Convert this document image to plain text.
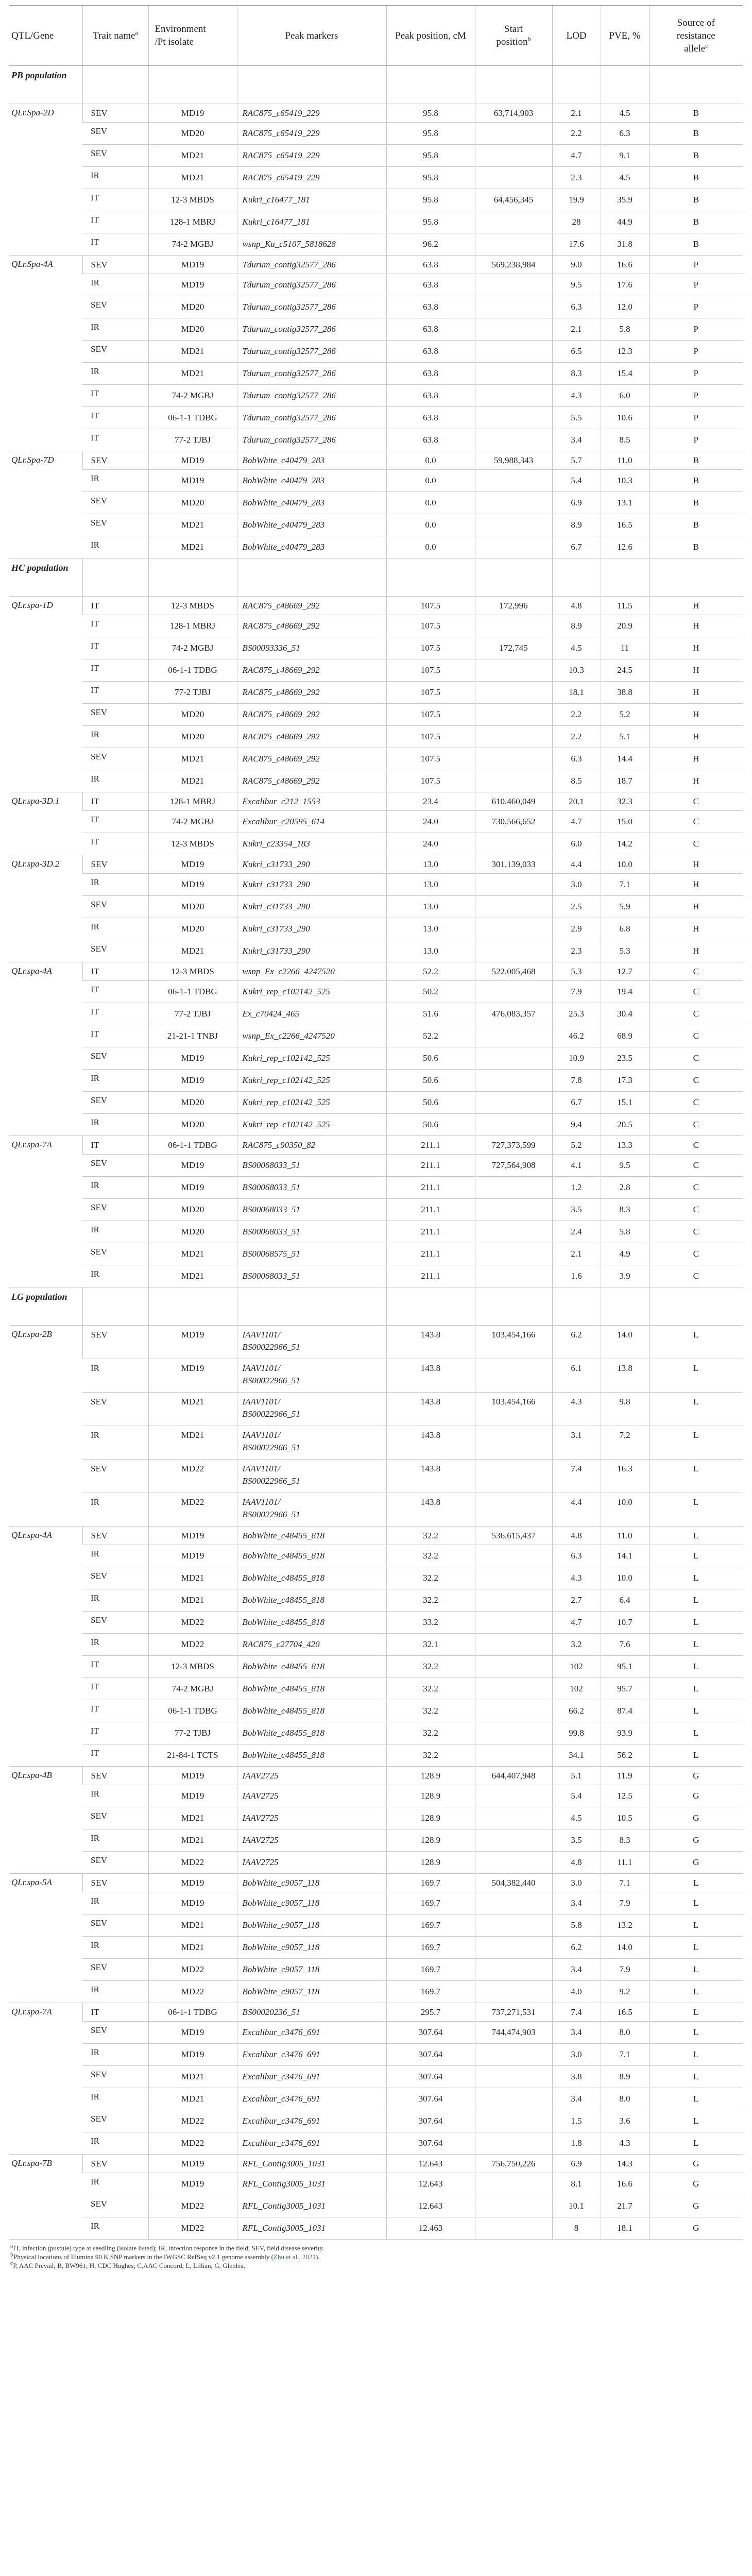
QTL/Gene	Trait name$^a$	Environment
/Pt isolate	Peak markers	Peak position, cM	Start
position$^b$	LOD	PVE, %	Source of
resistance
allele$^c$
PB population								
QLr.Spa-2D	SEV	MD19	RAC875_c65419_229	95.8	63,714,903	2.1	4.5	B
	SEV	MD20	RAC875_c65419_229	95.8		2.2	6.3	B
	SEV	MD21	RAC875_c65419_229	95.8		4.7	9.1	B
	IR	MD21	RAC875_c65419_229	95.8		2.3	4.5	B
	IT	12-3 MBDS	Kukri_c16477_181	95.8	64,456,345	19.9	35.9	B
	IT	128-1 MBRJ	Kukri_c16477_181	95.8		28	44.9	B
	IT	74-2 MGBJ	wsnp_Ku_c5107_5818628	96.2		17.6	31.8	B
QLr.Spa-4A	SEV	MD19	Tdurum_contig32577_286	63.8	569,238,984	9.0	16.6	P
	IR	MD19	Tdurum_contig32577_286	63.8		9.5	17.6	P
	SEV	MD20	Tdurum_contig32577_286	63.8		6.3	12.0	P
	IR	MD20	Tdurum_contig32577_286	63.8		2.1	5.8	P
	SEV	MD21	Tdurum_contig32577_286	63.8		6.5	12.3	P
	IR	MD21	Tdurum_contig32577_286	63.8		8.3	15.4	P
	IT	74-2 MGBJ	Tdurum_contig32577_286	63.8		4.3	6.0	P
	IT	06-1-1 TDBG	Tdurum_contig32577_286	63.8		5.5	10.6	P
	IT	77-2 TJBJ	Tdurum_contig32577_286	63.8		3.4	8.5	P
QLr.Spa-7D	SEV	MD19	BobWhite_c40479_283	0.0	59,988,343	5.7	11.0	B
	IR	MD19	BobWhite_c40479_283	0.0		5.4	10.3	B
	SEV	MD20	BobWhite_c40479_283	0.0		6.9	13.1	B
	SEV	MD21	BobWhite_c40479_283	0.0		8.9	16.5	B
	IR	MD21	BobWhite_c40479_283	0.0		6.7	12.6	B
HC population								
QLr.spa-1D	IT	12-3 MBDS	RAC875_c48669_292	107.5	172,996	4.8	11.5	H
	IT	128-1 MBRJ	RAC875_c48669_292	107.5		8.9	20.9	H
	IT	74-2 MGBJ	BS00093336_51	107.5	172,745	4.5	11	H
	IT	06-1-1 TDBG	RAC875_c48669_292	107.5		10.3	24.5	H
	IT	77-2 TJBJ	RAC875_c48669_292	107.5		18.1	38.8	H
	SEV	MD20	RAC875_c48669_292	107.5		2.2	5.2	H
	IR	MD20	RAC875_c48669_292	107.5		2.2	5.1	H
	SEV	MD21	RAC875_c48669_292	107.5		6.3	14.4	H
	IR	MD21	RAC875_c48669_292	107.5		8.5	18.7	H
QLr.spa-3D.1	IT	128-1 MBRJ	Excalibur_c212_1553	23.4	610,460,049	20.1	32.3	C
	IT	74-2 MGBJ	Excalibur_c20595_614	24.0	730,566,652	4.7	15.0	C
	IT	12-3 MBDS	Kukri_c23354_183	24.0		6.0	14.2	C
QLr.spa-3D.2	SEV	MD19	Kukri_c31733_290	13.0	301,139,033	4.4	10.0	H
	IR	MD19	Kukri_c31733_290	13.0		3.0	7.1	H
	SEV	MD20	Kukri_c31733_290	13.0		2.5	5.9	H
	IR	MD20	Kukri_c31733_290	13.0		2.9	6.8	H
	SEV	MD21	Kukri_c31733_290	13.0		2.3	5.3	H
QLr.spa-4A	IT	12-3 MBDS	wsnp_Ex_c2266_4247520	52.2	522,005,468	5.3	12.7	C
	IT	06-1-1 TDBG	Kukri_rep_c102142_525	50.2		7.9	19.4	C
	IT	77-2 TJBJ	Ex_c70424_465	51.6	476,083,357	25.3	30.4	C
	IT	21-21-1 TNBJ	wsnp_Ex_c2266_4247520	52.2		46.2	68.9	C
	SEV	MD19	Kukri_rep_c102142_525	50.6		10.9	23.5	C
	IR	MD19	Kukri_rep_c102142_525	50.6		7.8	17.3	C
	SEV	MD20	Kukri_rep_c102142_525	50.6		6.7	15.1	C
	IR	MD20	Kukri_rep_c102142_525	50.6		9.4	20.5	C
QLr.spa-7A	IT	06-1-1 TDBG	RAC875_c90350_82	211.1	727,373,599	5.2	13.3	C
	SEV	MD19	BS00068033_51	211.1	727,564,908	4.1	9.5	C
	IR	MD19	BS00068033_51	211.1		1.2	2.8	C
	SEV	MD20	BS00068033_51	211.1		3.5	8.3	C
	IR	MD20	BS00068033_51	211.1		2.4	5.8	C
	SEV	MD21	BS00068575_51	211.1		2.1	4.9	C
	IR	MD21	BS00068033_51	211.1		1.6	3.9	C
LG population								
QLr.spa-2B	SEV	MD19	IAAV1101/
BS00022966_51	143.8	103,454,166	6.2	14.0	L
	IR	MD19	IAAV1101/
BS00022966_51	143.8		6.1	13.8	L
	SEV	MD21	IAAV1101/
BS00022966_51	143.8	103,454,166	4.3	9.8	L
	IR	MD21	IAAV1101/
BS00022966_51	143.8		3.1	7.2	L
	SEV	MD22	IAAV1101/
BS00022966_51	143.8		7.4	16.3	L
	IR	MD22	IAAV1101/
BS00022966_51	143.8		4.4	10.0	L
QLr.spa-4A	SEV	MD19	BobWhite_c48455_818	32.2	536,615,437	4.8	11.0	L
	IR	MD19	BobWhite_c48455_818	32.2		6.3	14.1	L
	SEV	MD21	BobWhite_c48455_818	32.2		4.3	10.0	L
	IR	MD21	BobWhite_c48455_818	32.2		2.7	6.4	L
	SEV	MD22	BobWhite_c48455_818	33.2		4.7	10.7	L
	IR	MD22	RAC875_c27704_420	32.1		3.2	7.6	L
	IT	12-3 MBDS	BobWhite_c48455_818	32.2		102	95.1	L
	IT	74-2 MGBJ	BobWhite_c48455_818	32.2		102	95.7	L
	IT	06-1-1 TDBG	BobWhite_c48455_818	32.2		66.2	87.4	L
	IT	77-2 TJBJ	BobWhite_c48455_818	32.2		99.8	93.9	L
	IT	21-84-1 TCTS	BobWhite_c48455_818	32.2		34.1	56.2	L
QLr.spa-4B	SEV	MD19	IAAV2725	128.9	644,407,948	5.1	11.9	G
	IR	MD19	IAAV2725	128.9		5.4	12.5	G
	SEV	MD21	IAAV2725	128.9		4.5	10.5	G
	IR	MD21	IAAV2725	128.9		3.5	8.3	G
	SEV	MD22	IAAV2725	128.9		4.8	11.1	G
QLr.spa-5A	SEV	MD19	BobWhite_c9057_118	169.7	504,382,440	3.0	7.1	L
	IR	MD19	BobWhite_c9057_118	169.7		3.4	7.9	L
	SEV	MD21	BobWhite_c9057_118	169.7		5.8	13.2	L
	IR	MD21	BobWhite_c9057_118	169.7		6.2	14.0	L
	SEV	MD22	BobWhite_c9057_118	169.7		3.4	7.9	L
	IR	MD22	BobWhite_c9057_118	169.7		4.0	9.2	L
QLr.spa-7A	IT	06-1-1 TDBG	BS00020236_51	295.7	737,271,531	7.4	16.5	L
	SEV	MD19	Excalibur_c3476_691	307.64	744,474,903	3.4	8.0	L
	IR	MD19	Excalibur_c3476_691	307.64		3.0	7.1	L
	SEV	MD21	Excalibur_c3476_691	307.64		3.8	8.9	L
	IR	MD21	Excalibur_c3476_691	307.64		3.4	8.0	L
	SEV	MD22	Excalibur_c3476_691	307.64		1.5	3.6	L
	IR	MD22	Excalibur_c3476_691	307.64		1.8	4.3	L
QLr.spa-7B	SEV	MD19	RFL_Contig3005_1031	12.643	756,750,226	6.9	14.3	G
	IR	MD19	RFL_Contig3005_1031	12.643		8.1	16.6	G
	SEV	MD22	RFL_Contig3005_1031	12.643		10.1	21.7	G
	IR	MD22	RFL_Contig3005_1031	12.463		8	18.1	G

$^a$IT, infection (pustule) type at seedling (isolate listed); IR, infection response in the field; SEV, field disease severity.

$^b$Physical locations of Illumina 90 K SNP markers in the IWGSC RefSeq v2.1 genome assembly (Zhu et al., 2021).

$^c$P, AAC Prevail; B, BW961; H, CDC Hughes; C,AAC Concord; L, Lillian; G, Glenlea.
